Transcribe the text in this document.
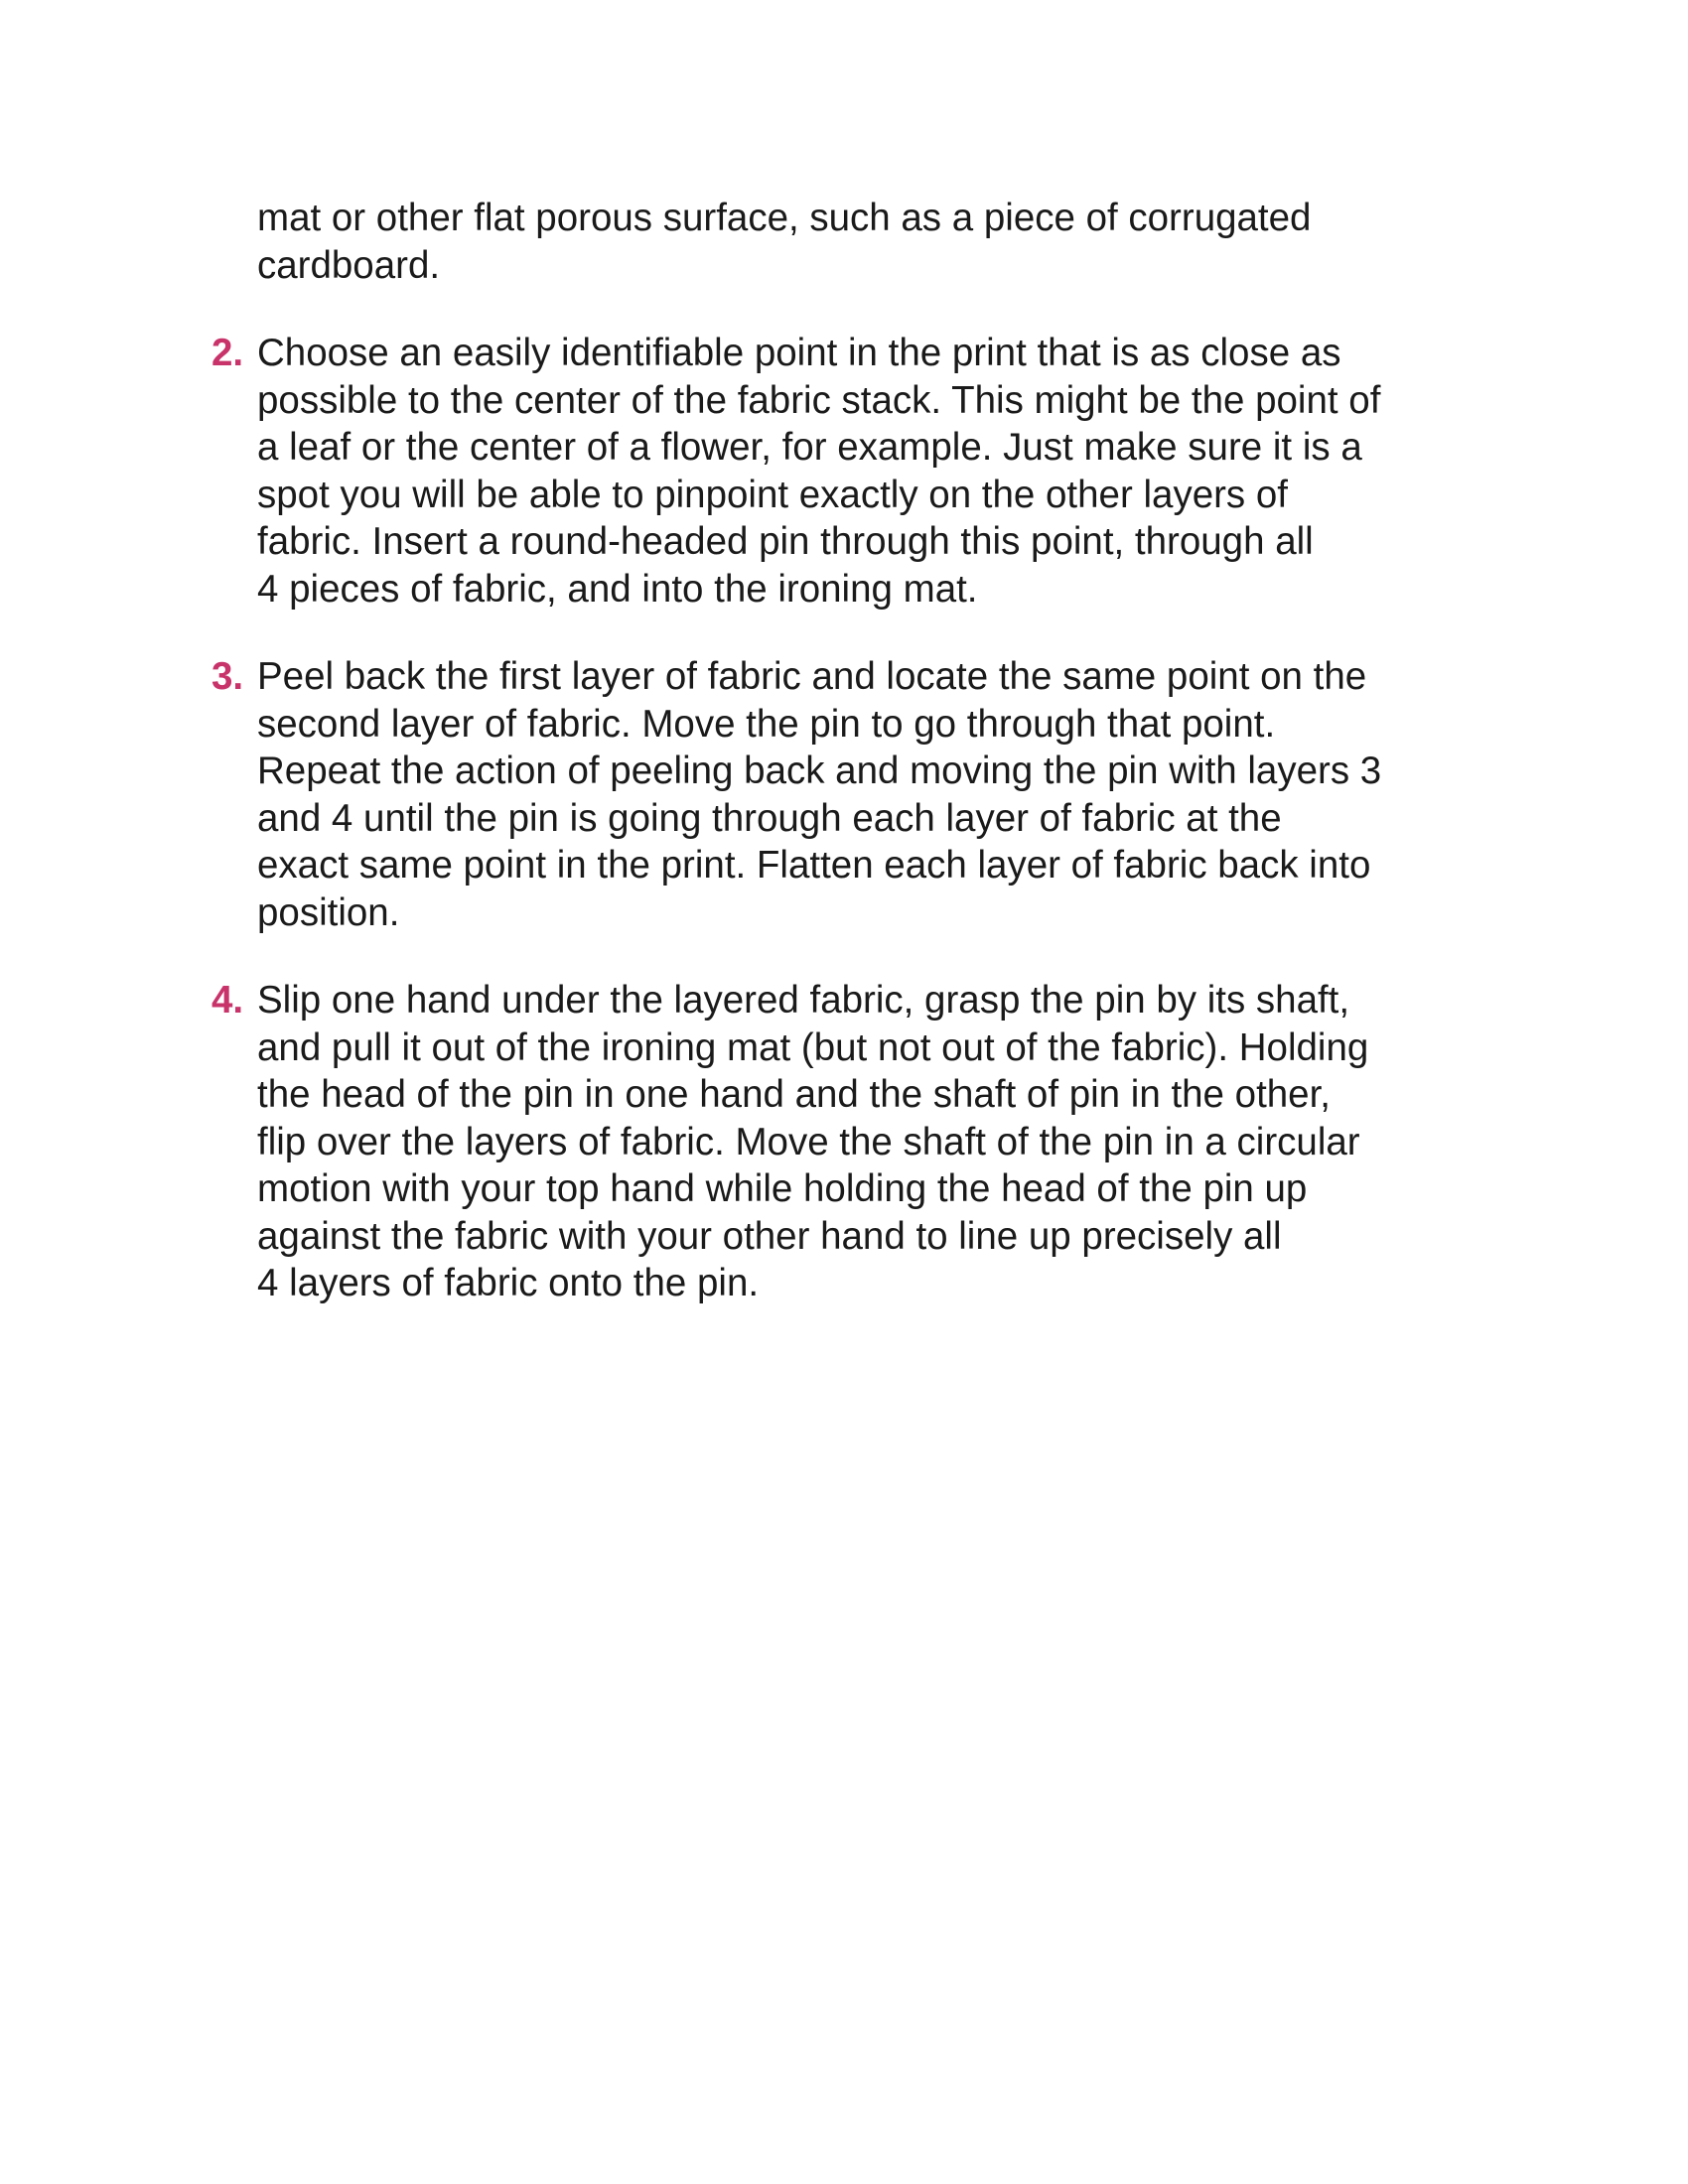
mat or other flat porous surface, such as a piece of corrugated
cardboard.
2. Choose an easily identifiable point in the print that is as close as
possible to the center of the fabric stack. This might be the point of
a leaf or the center of a flower, for example. Just make sure it is a
spot you will be able to pinpoint exactly on the other layers of
fabric. Insert a round-headed pin through this point, through all
4 pieces of fabric, and into the ironing mat.
3. Peel back the first layer of fabric and locate the same point on the
second layer of fabric. Move the pin to go through that point.
Repeat the action of peeling back and moving the pin with layers 3
and 4 until the pin is going through each layer of fabric at the
exact same point in the print. Flatten each layer of fabric back into
position.
4. Slip one hand under the layered fabric, grasp the pin by its shaft,
and pull it out of the ironing mat (but not out of the fabric). Holding
the head of the pin in one hand and the shaft of pin in the other,
flip over the layers of fabric. Move the shaft of the pin in a circular
motion with your top hand while holding the head of the pin up
against the fabric with your other hand to line up precisely all
4 layers of fabric onto the pin.
